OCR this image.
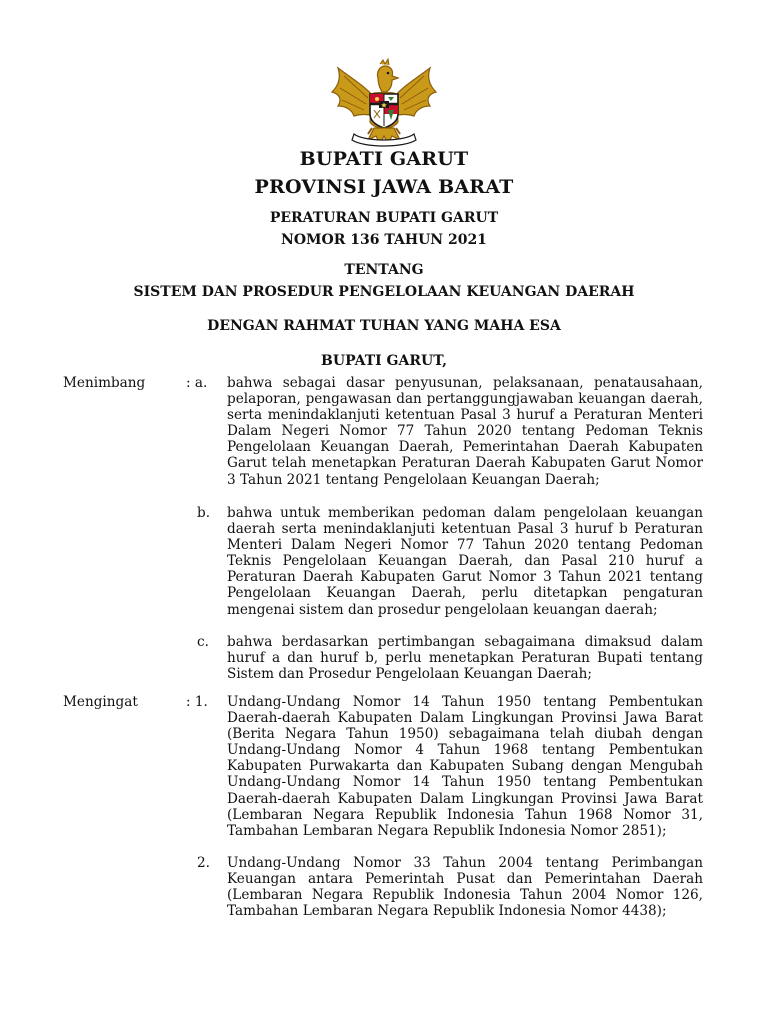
BUPATI GARUT
PROVINSI JAWA BARAT
PERATURAN BUPATI GARUT
NOMOR 136 TAHUN 2021
TENTANG
SISTEM DAN PROSEDUR PENGELOLAAN KEUANGAN DAERAH
DENGAN RAHMAT TUHAN YANG MAHA ESA
BUPATI GARUT,
Menimbang	: a. bahwa sebagai dasar penyusunan, pelaksanaan, penatausahaan, pelaporan, pengawasan dan pertanggungjawaban keuangan daerah, serta menindaklanjuti ketentuan Pasal 3 huruf a Peraturan Menteri Dalam Negeri Nomor 77 Tahun 2020 tentang Pedoman Teknis Pengelolaan Keuangan Daerah, Pemerintahan Daerah Kabupaten Garut telah menetapkan Peraturan Daerah Kabupaten Garut Nomor 3 Tahun 2021 tentang Pengelolaan Keuangan Daerah;
b. bahwa untuk memberikan pedoman dalam pengelolaan keuangan daerah serta menindaklanjuti ketentuan Pasal 3 huruf b Peraturan Menteri Dalam Negeri Nomor 77 Tahun 2020 tentang Pedoman Teknis Pengelolaan Keuangan Daerah, dan Pasal 210 huruf a Peraturan Daerah Kabupaten Garut Nomor 3 Tahun 2021 tentang Pengelolaan Keuangan Daerah, perlu ditetapkan pengaturan mengenai sistem dan prosedur pengelolaan keuangan daerah;
c. bahwa berdasarkan pertimbangan sebagaimana dimaksud dalam huruf a dan huruf b, perlu menetapkan Peraturan Bupati tentang Sistem dan Prosedur Pengelolaan Keuangan Daerah;
Mengingat	: 1. Undang-Undang Nomor 14 Tahun 1950 tentang Pembentukan Daerah-daerah Kabupaten Dalam Lingkungan Provinsi Jawa Barat (Berita Negara Tahun 1950) sebagaimana telah diubah dengan Undang-Undang Nomor 4 Tahun 1968 tentang Pembentukan Kabupaten Purwakarta dan Kabupaten Subang dengan Mengubah Undang-Undang Nomor 14 Tahun 1950 tentang Pembentukan Daerah-daerah Kabupaten Dalam Lingkungan Provinsi Jawa Barat (Lembaran Negara Republik Indonesia Tahun 1968 Nomor 31, Tambahan Lembaran Negara Republik Indonesia Nomor 2851);
2. Undang-Undang Nomor 33 Tahun 2004 tentang Perimbangan Keuangan antara Pemerintah Pusat dan Pemerintahan Daerah (Lembaran Negara Republik Indonesia Tahun 2004 Nomor 126, Tambahan Lembaran Negara Republik Indonesia Nomor 4438);
